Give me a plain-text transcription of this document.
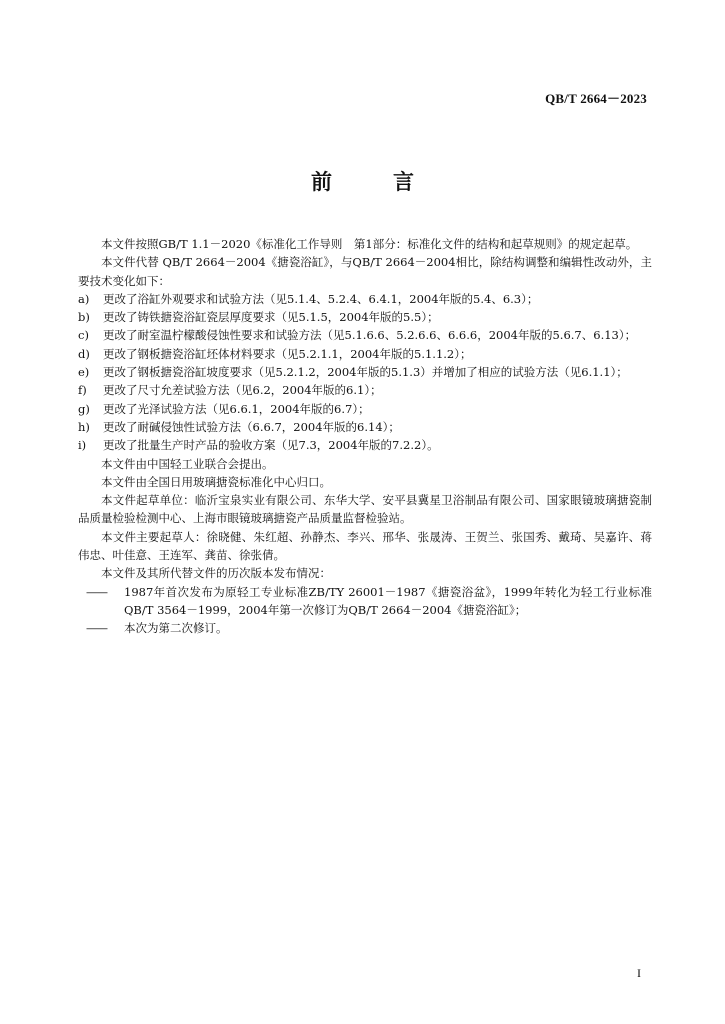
QB/T 2664－2023
前　言

本文件按照GB/T 1.1－2020《标准化工作导则　第1部分：标准化文件的结构和起草规则》的规定起草。

本文件代替 QB/T 2664－2004《搪瓷浴缸》，与QB/T 2664－2004相比，除结构调整和编辑性改动外，主要技术变化如下：

a)	更改了浴缸外观要求和试验方法（见5.1.4、5.2.4、6.4.1，2004年版的5.4、6.3）；
b)	更改了铸铁搪瓷浴缸瓷层厚度要求（见5.1.5，2004年版的5.5）；
c)	更改了耐室温柠檬酸侵蚀性要求和试验方法（见5.1.6.6、5.2.6.6、6.6.6，2004年版的5.6.7、6.13）；
d)	更改了钢板搪瓷浴缸坯体材料要求（见5.2.1.1，2004年版的5.1.1.2）；
e)	更改了钢板搪瓷浴缸坡度要求（见5.2.1.2，2004年版的5.1.3）并增加了相应的试验方法（见6.1.1）；
f)	更改了尺寸允差试验方法（见6.2，2004年版的6.1）；
g)	更改了光泽试验方法（见6.6.1，2004年版的6.7）；
h)	更改了耐碱侵蚀性试验方法（6.6.7，2004年版的6.14）；
i)	更改了批量生产时产品的验收方案（见7.3，2004年版的7.2.2）。

本文件由中国轻工业联合会提出。

本文件由全国日用玻璃搪瓷标准化中心归口。

本文件起草单位：临沂宝泉实业有限公司、东华大学、安平县冀星卫浴制品有限公司、国家眼镜玻璃搪瓷制品质量检验检测中心、上海市眼镜玻璃搪瓷产品质量监督检验站。

本文件主要起草人：徐晓健、朱红超、孙静杰、李兴、邢华、张晟涛、王贺兰、张国秀、戴琦、吴嘉许、蒋伟忠、叶佳意、王连军、龚苗、徐张倩。

本文件及其所代替文件的历次版本发布情况：

——	1987年首次发布为原轻工专业标准ZB/TY 26001－1987《搪瓷浴盆》，1999年转化为轻工行业标准QB/T 3564－1999，2004年第一次修订为QB/T 2664－2004《搪瓷浴缸》；
——	本次为第二次修订。
I
